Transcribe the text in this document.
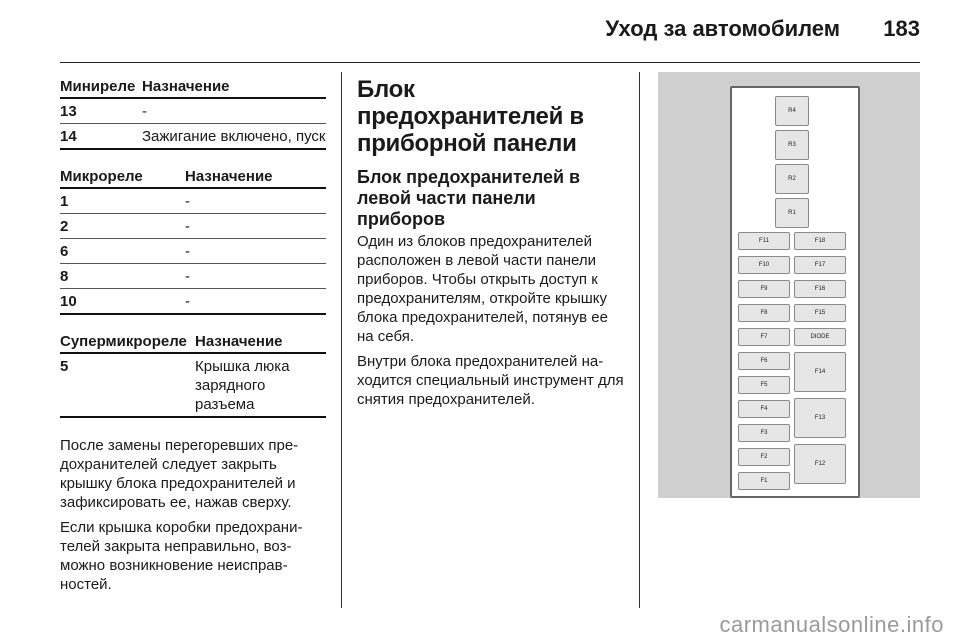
Уход за автомобилем 183
Минирелe	Назначение
13	-
14	Зажигание включено, пуск
Микрореле	Назначение
1	-
2	-
6	-
8	-
10	-
Супермикрореле	Назначение
5	Крышка люка зарядного разъема

После замены перегоревших пре-дохранителей следует закрыть крышку блока предохранителей и зафиксировать ее, нажав сверху.

Если крышка коробки предохрани-телей закрыта неправильно, воз-можно возникновение неисправ-ностей.

Блок предохранителей в приборной панели
Блок предохранителей в левой части панели приборов

Один из блоков предохранителей расположен в левой части панели приборов. Чтобы открыть доступ к предохранителям, откройте крышку блока предохранителей, потянув ее на себя.

Внутри блока предохранителей на-ходится специальный инструмент для снятия предохранителей.

R4
R3
R2
R1
F11
F10
F9
F8
F7
F6
F5
F4
F3
F2
F1
F18
F17
F16
F15
DIODE
F14
F13
F12
carmanualsonline.info
